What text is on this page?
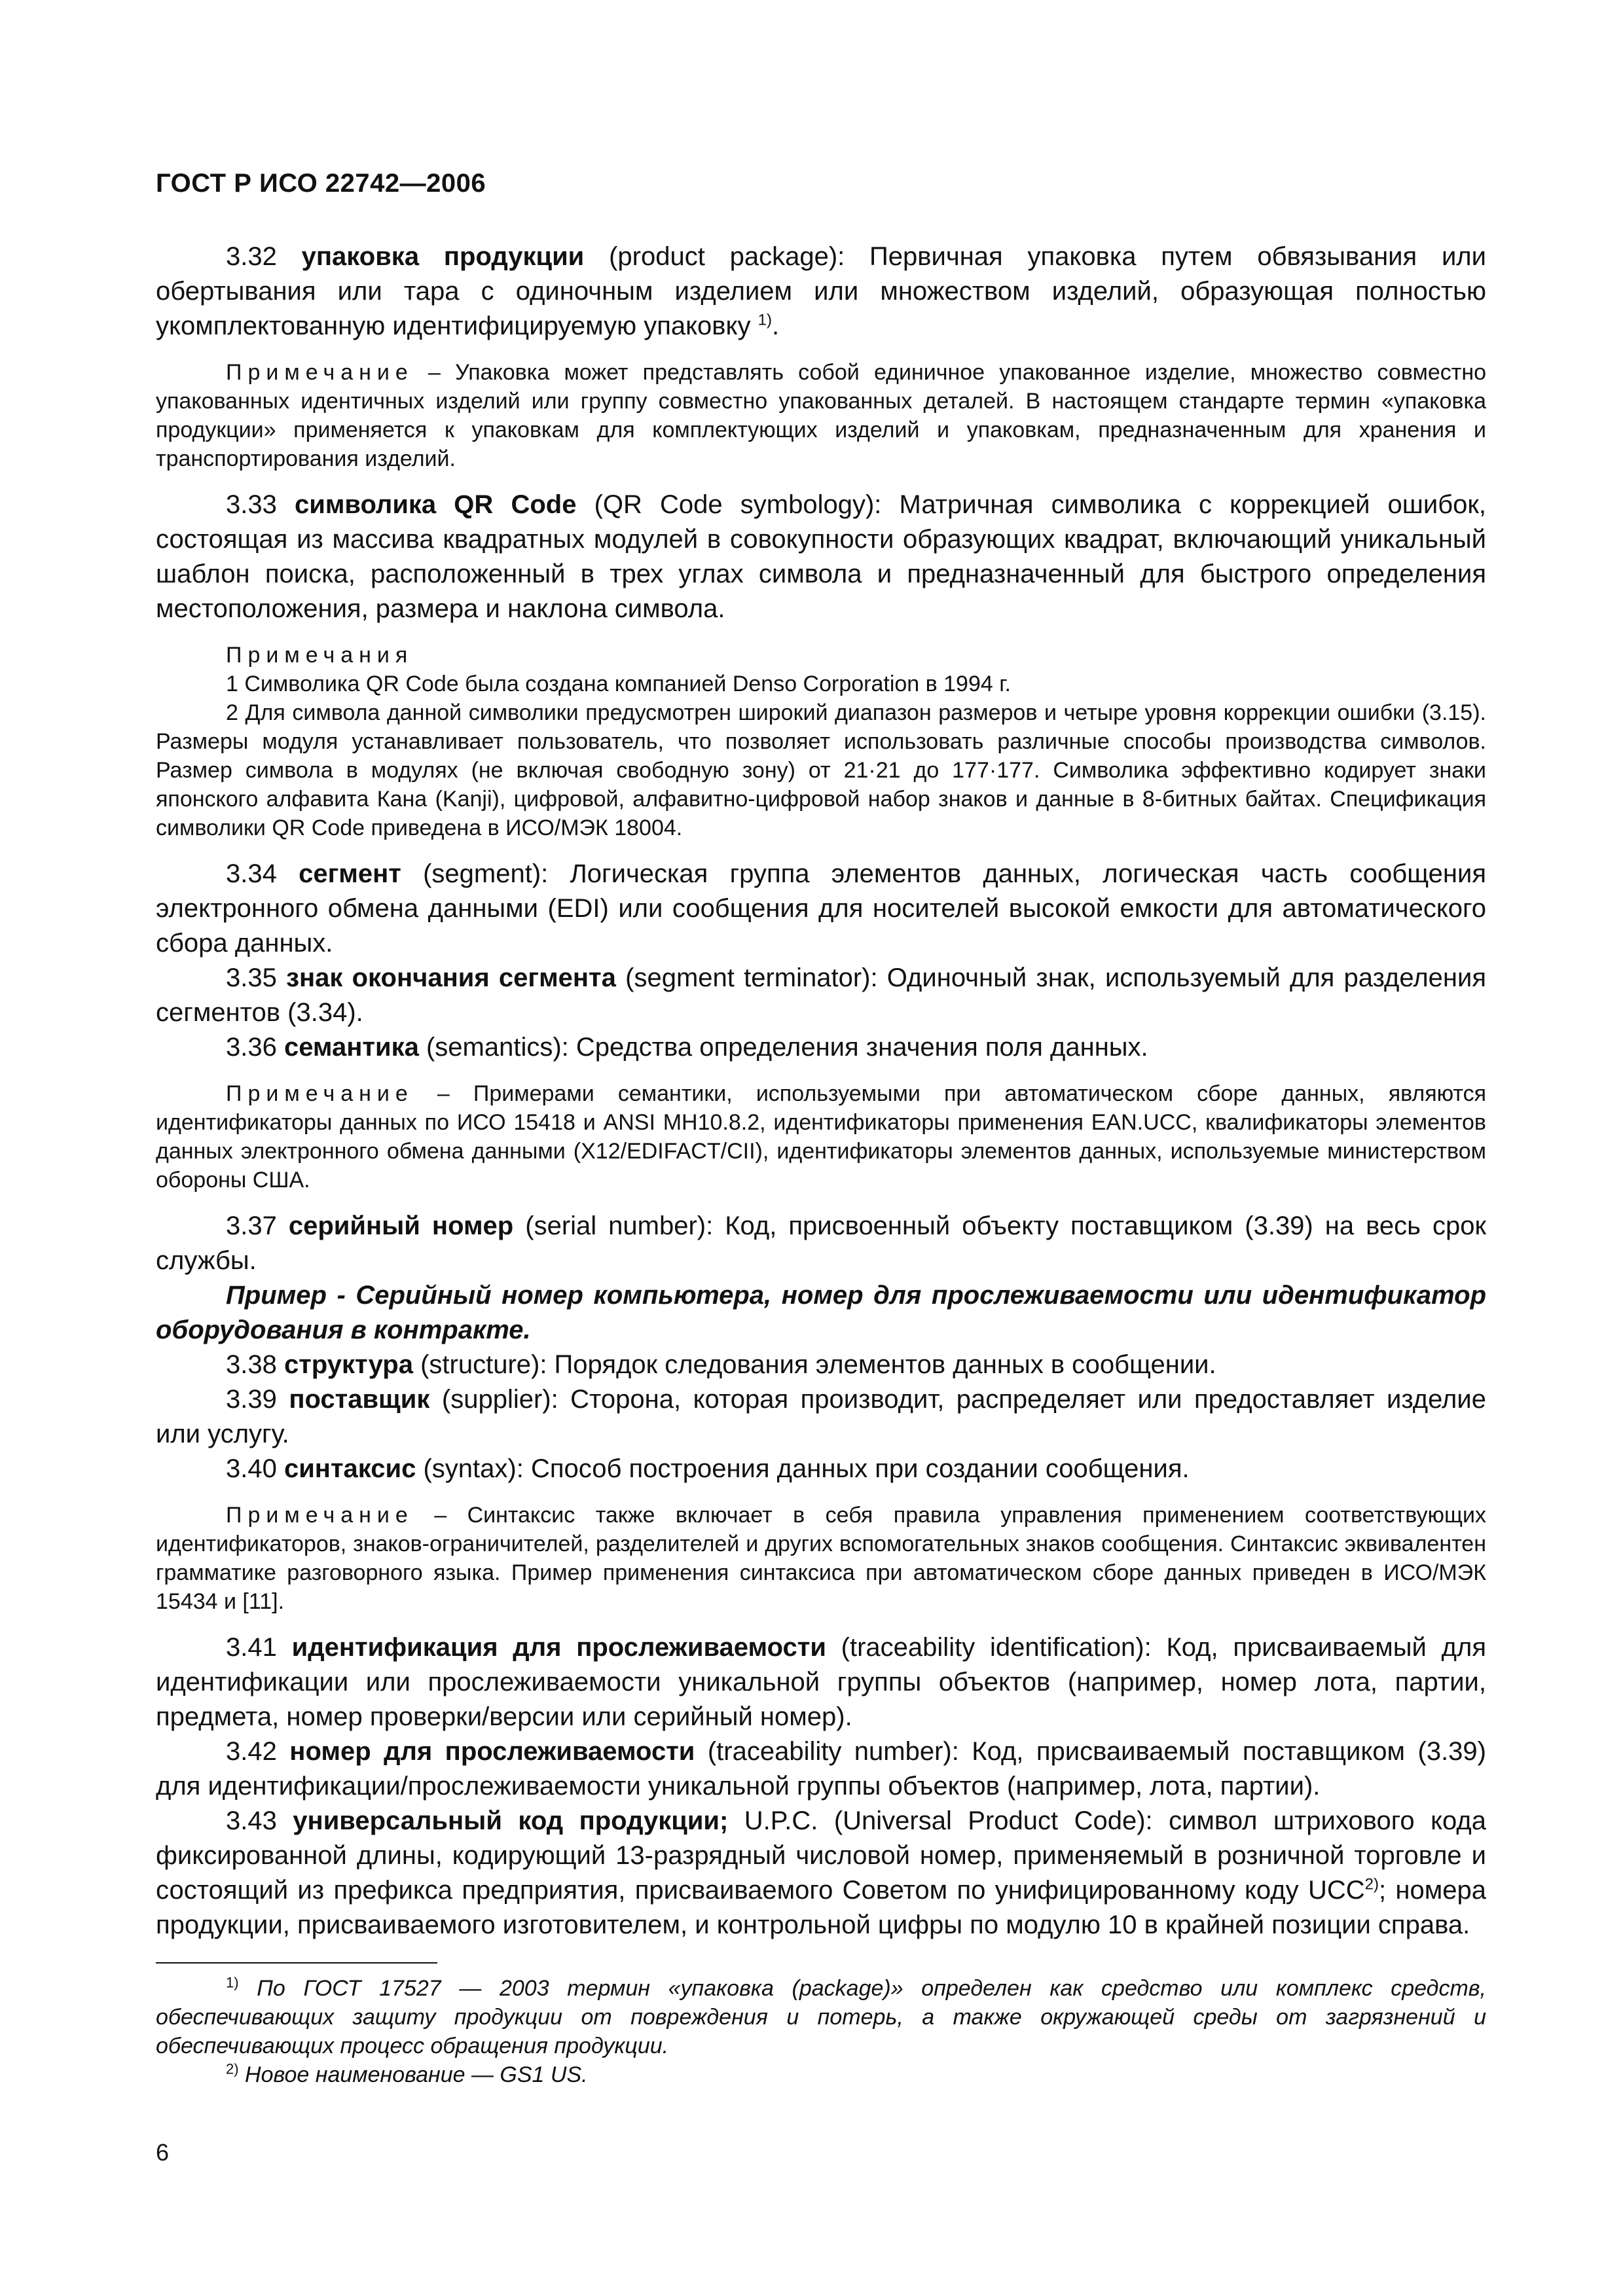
ГОСТ Р ИСО 22742—2006

3.32 упаковка продукции (product package): Первичная упаковка путем обвязывания или обертывания или тара с одиночным изделием или множеством изделий, образующая полностью укомплектованную идентифицируемую упаковку $^{1)}$.

Примечание – Упаковка может представлять собой единичное упакованное изделие, множество совместно упакованных идентичных изделий или группу совместно упакованных деталей. В настоящем стандарте термин «упаковка продукции» применяется к упаковкам для комплектующих изделий и упаковкам, предназначенным для хранения и транспортирования изделий.

3.33 символика QR Code (QR Code symbology): Матричная символика с коррекцией ошибок, состоящая из массива квадратных модулей в совокупности образующих квадрат, включающий уникальный шаблон поиска, расположенный в трех углах символа и предназначенный для быстрого определения местоположения, размера и наклона символа.

Примечания

1 Символика QR Code была создана компанией Denso Corporation в 1994 г.

2 Для символа данной символики предусмотрен широкий диапазон размеров и четыре уровня коррекции ошибки (3.15). Размеры модуля устанавливает пользователь, что позволяет использовать различные способы производства символов. Размер символа в модулях (не включая свободную зону) от 21·21 до 177·177. Символика эффективно кодирует знаки японского алфавита Кана (Kanji), цифровой, алфавитно-цифровой набор знаков и данные в 8-битных байтах. Спецификация символики QR Code приведена в ИСО/МЭК 18004.

3.34 сегмент (segment): Логическая группа элементов данных, логическая часть сообщения электронного обмена данными (EDI) или сообщения для носителей высокой емкости для автоматического сбора данных.

3.35 знак окончания сегмента (segment terminator): Одиночный знак, используемый для разделения сегментов (3.34).

3.36 семантика (semantics): Средства определения значения поля данных.

Примечание – Примерами семантики, используемыми при автоматическом сборе данных, являются идентификаторы данных по ИСО 15418 и ANSI MH10.8.2, идентификаторы применения EAN.UCC, квалификаторы элементов данных электронного обмена данными (X12/EDIFACT/CII), идентификаторы элементов данных, используемые министерством обороны США.

3.37 серийный номер (serial number): Код, присвоенный объекту поставщиком (3.39) на весь срок службы.

Пример - Серийный номер компьютера, номер для прослеживаемости или идентификатор оборудования в контракте.

3.38 структура (structure): Порядок следования элементов данных в сообщении.

3.39 поставщик (supplier): Сторона, которая производит, распределяет или предоставляет изделие или услугу.

3.40 синтаксис (syntax): Способ построения данных при создании сообщения.

Примечание – Синтаксис также включает в себя правила управления применением соответствующих идентификаторов, знаков-ограничителей, разделителей и других вспомогательных знаков сообщения. Синтаксис эквивалентен грамматике разговорного языка. Пример применения синтаксиса при автоматическом сборе данных приведен в ИСО/МЭК 15434 и [11].

3.41 идентификация для прослеживаемости (traceability identification): Код, присваиваемый для идентификации или прослеживаемости уникальной группы объектов (например, номер лота, партии, предмета, номер проверки/версии или серийный номер).

3.42 номер для прослеживаемости (traceability number): Код, присваиваемый поставщиком (3.39) для идентификации/прослеживаемости уникальной группы объектов (например, лота, партии).

3.43 универсальный код продукции; U.P.C. (Universal Product Code): символ штрихового кода фиксированной длины, кодирующий 13-разрядный числовой номер, применяемый в розничной торговле и состоящий из префикса предприятия, присваиваемого Советом по унифицированному коду UCC$^{2)}$; номера продукции, присваиваемого изготовителем, и контрольной цифры по модулю 10 в крайней позиции справа.

$^{1)}$ По ГОСТ 17527 — 2003 термин «упаковка (package)» определен как средство или комплекс средств, обеспечивающих защиту продукции от повреждения и потерь, а также окружающей среды от загрязнений и обеспечивающих процесс обращения продукции.

$^{2)}$ Новое наименование — GS1 US.

6
